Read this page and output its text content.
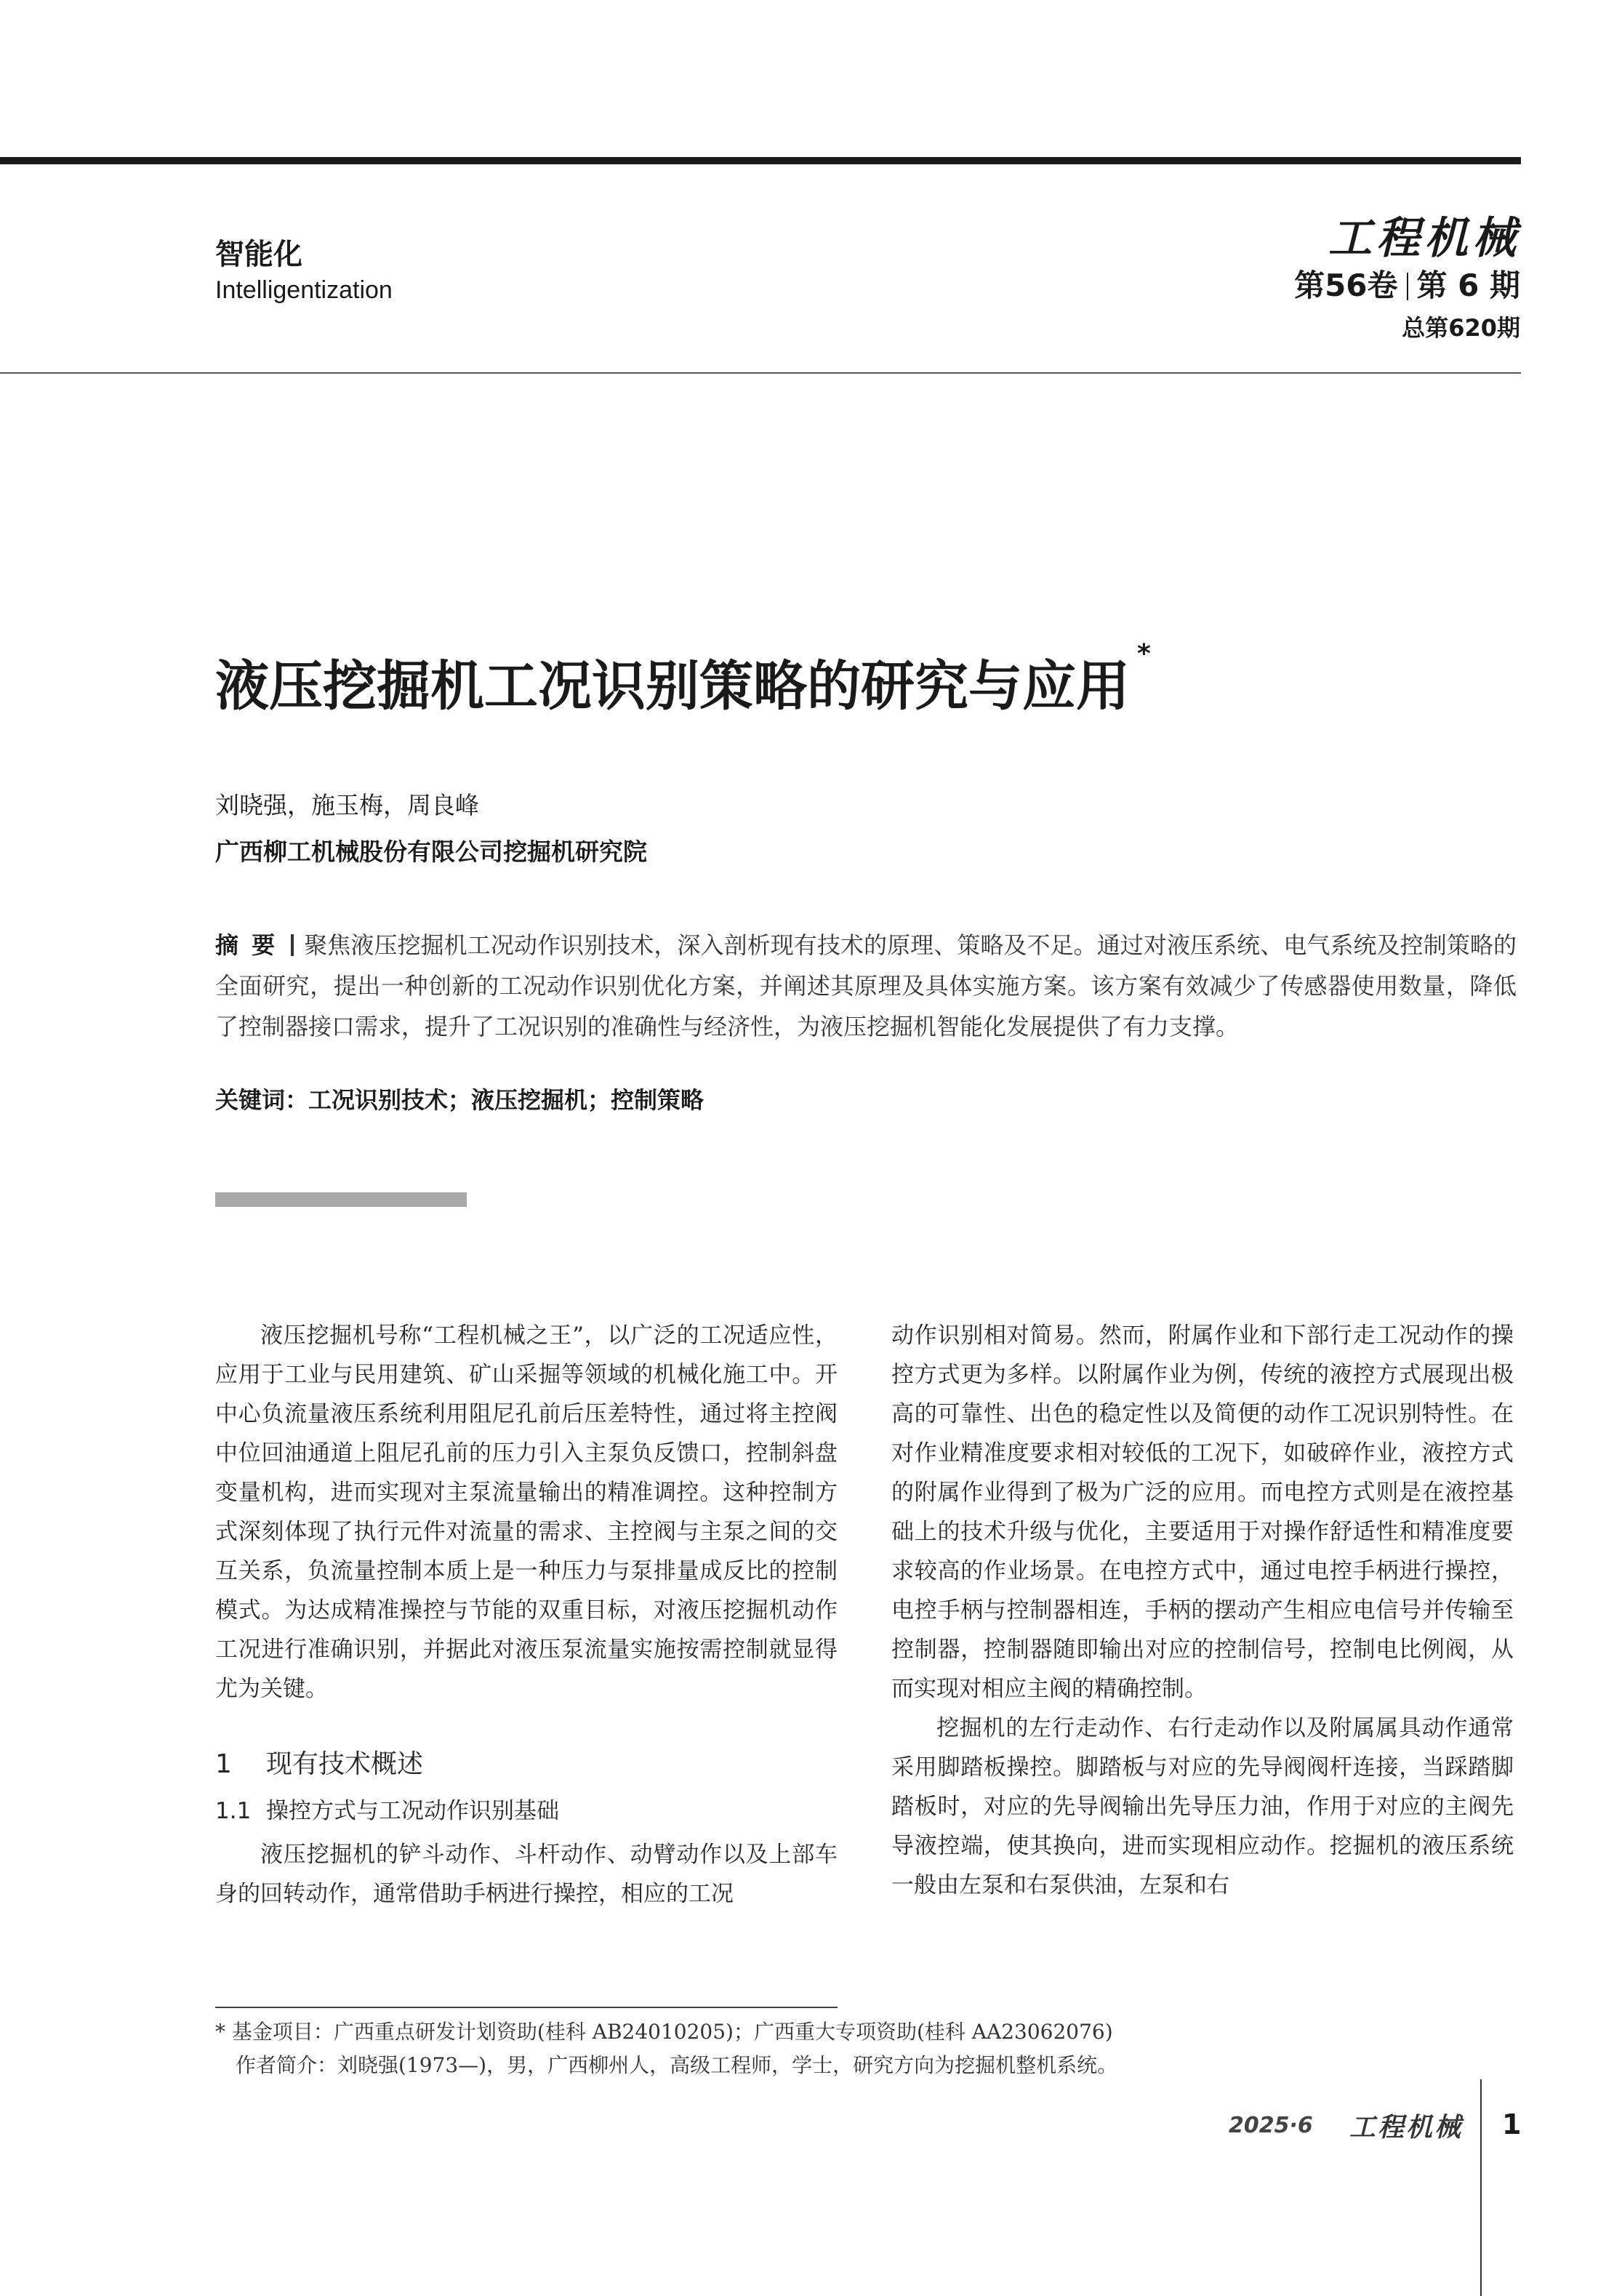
智能化
Intelligentization
工程机械
第56卷 第 6 期
总第620期
液压挖掘机工况识别策略的研究与应用*
刘晓强，施玉梅，周良峰
广西柳工机械股份有限公司挖掘机研究院
摘要 聚焦液压挖掘机工况动作识别技术，深入剖析现有技术的原理、策略及不足。通过对液压系统、电气系统及控制策略的全面研究，提出一种创新的工况动作识别优化方案，并阐述其原理及具体实施方案。该方案有效减少了传感器使用数量，降低了控制器接口需求，提升了工况识别的准确性与经济性，为液压挖掘机智能化发展提供了有力支撑。
关键词：工况识别技术；液压挖掘机；控制策略

液压挖掘机号称“工程机械之王”，以广泛的工况适应性，应用于工业与民用建筑、矿山采掘等领域的机械化施工中。开中心负流量液压系统利用阻尼孔前后压差特性，通过将主控阀中位回油通道上阻尼孔前的压力引入主泵负反馈口，控制斜盘变量机构，进而实现对主泵流量输出的精准调控。这种控制方式深刻体现了执行元件对流量的需求、主控阀与主泵之间的交互关系，负流量控制本质上是一种压力与泵排量成反比的控制模式。为达成精准操控与节能的双重目标，对液压挖掘机动作工况进行准确识别，并据此对液压泵流量实施按需控制就显得尤为关键。

1 现有技术概述
1.1 操控方式与工况动作识别基础

液压挖掘机的铲斗动作、斗杆动作、动臂动作以及上部车身的回转动作，通常借助手柄进行操控，相应的工况

动作识别相对简易。然而，附属作业和下部行走工况动作的操控方式更为多样。以附属作业为例，传统的液控方式展现出极高的可靠性、出色的稳定性以及简便的动作工况识别特性。在对作业精准度要求相对较低的工况下，如破碎作业，液控方式的附属作业得到了极为广泛的应用。而电控方式则是在液控基础上的技术升级与优化，主要适用于对操作舒适性和精准度要求较高的作业场景。在电控方式中，通过电控手柄进行操控，电控手柄与控制器相连，手柄的摆动产生相应电信号并传输至控制器，控制器随即输出对应的控制信号，控制电比例阀，从而实现对相应主阀的精确控制。

挖掘机的左行走动作、右行走动作以及附属属具动作通常采用脚踏板操控。脚踏板与对应的先导阀阀杆连接，当踩踏脚踏板时，对应的先导阀输出先导压力油，作用于对应的主阀先导液控端，使其换向，进而实现相应动作。挖掘机的液压系统一般由左泵和右泵供油，左泵和右

* 基金项目：广西重点研发计划资助(桂科 AB24010205)；广西重大专项资助(桂科 AA23062076)
作者简介：刘晓强(1973—)，男，广西柳州人，高级工程师，学士，研究方向为挖掘机整机系统。
2025·6 工程机械 1
